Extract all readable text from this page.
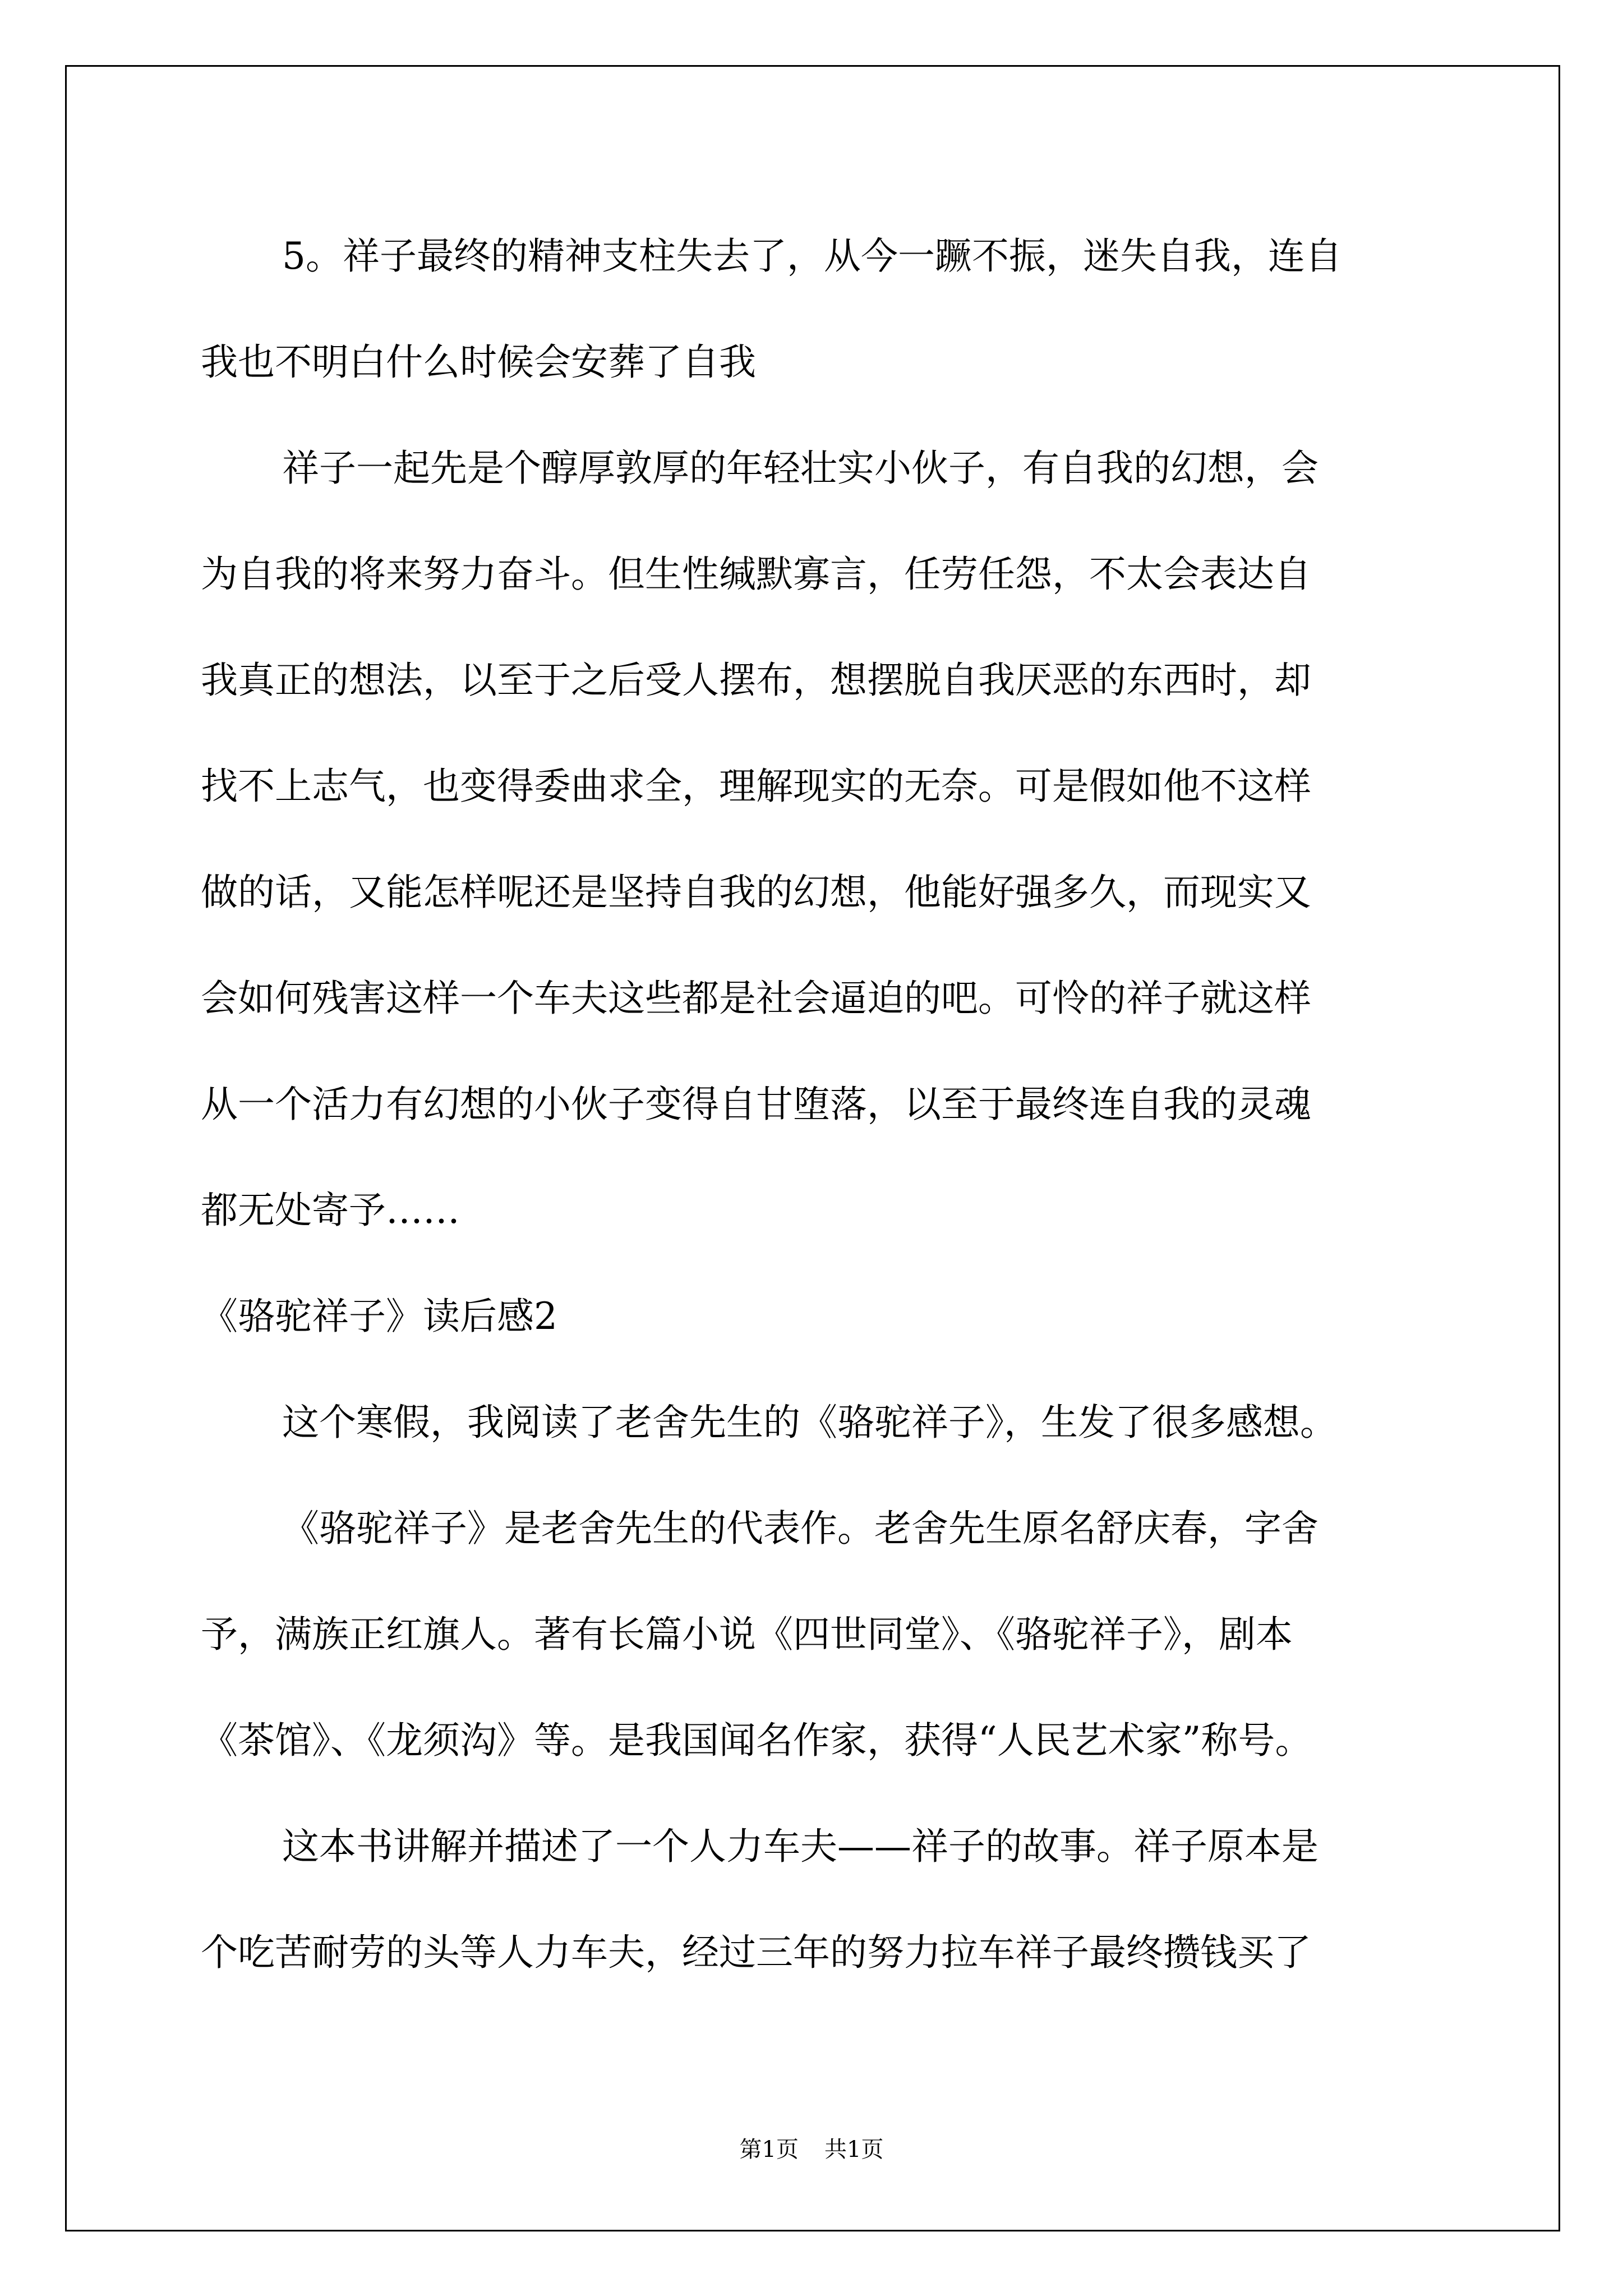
5。祥子最终的精神支柱失去了，从今一蹶不振，迷失自我，连自
我也不明白什么时候会安葬了自我
祥子一起先是个醇厚敦厚的年轻壮实小伙子，有自我的幻想，会
为自我的将来努力奋斗。但生性缄默寡言，任劳任怨，不太会表达自
我真正的想法，以至于之后受人摆布，想摆脱自我厌恶的东西时，却
找不上志气，也变得委曲求全，理解现实的无奈。可是假如他不这样
做的话，又能怎样呢还是坚持自我的幻想，他能好强多久，而现实又
会如何残害这样一个车夫这些都是社会逼迫的吧。可怜的祥子就这样
从一个活力有幻想的小伙子变得自甘堕落，以至于最终连自我的灵魂
都无处寄予……
《骆驼祥子》读后感2
这个寒假，我阅读了老舍先生的《骆驼祥子》，生发了很多感想。
《骆驼祥子》是老舍先生的代表作。老舍先生原名舒庆春，字舍
予，满族正红旗人。著有长篇小说《四世同堂》、《骆驼祥子》，剧本
《茶馆》、《龙须沟》等。是我国闻名作家，获得“人民艺术家”称号。
这本书讲解并描述了一个人力车夫——祥子的故事。祥子原本是
个吃苦耐劳的头等人力车夫，经过三年的努力拉车祥子最终攒钱买了
第1页 共1页
